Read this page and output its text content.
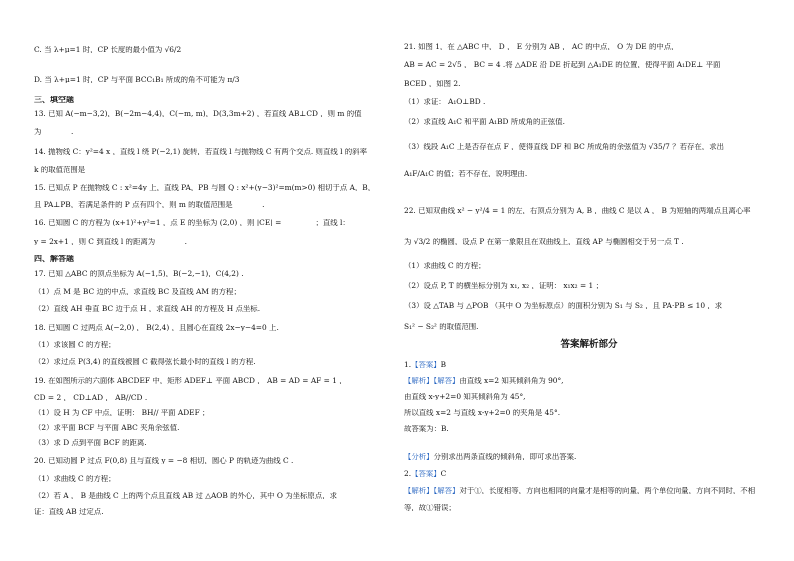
C. 当 λ+μ=1 时，CP 长度的最小值为 √6/2
D. 当 λ+μ=1 时，CP 与平面 BCC₁B₁ 所成的角不可能为 π/3
三、填空题
13. 已知 A(−m−3,2)，B(−2m−4,4)，C(−m, m)，D(3,3m+2) ，若直线 AB⊥CD ，则 m 的值
为________.
14. 抛物线 C：y²=4 x ，直线 l 绕 P(−2,1) 旋转，若直线 l 与抛物线 C 有两个交点. 则直线 l 的斜率
k 的取值范围是____________________
15. 已知点 P 在抛物线 C : x²=4y 上，直线 PA，PB 与圆 Q : x²+(y−3)²=m(m>0) 相切于点 A，B，
且 PA⊥PB，若满足条件的 P 点有四个，则 m 的取值范围是________.
16. 已知圆 C 的方程为 (x+1)²+y²=1 ，点 E 的坐标为 (2,0) ，则 |CE| = ________ ；直线 l：
y = 2x+1 ，则 C 到直线 l 的距离为________.
四、解答题
17. 已知 △ABC 的顶点坐标为 A(−1,5)，B(−2,−1)，C(4,2) .
（1）点 M 是 BC 边的中点，求直线 BC 及直线 AM 的方程；
（2）直线 AH 垂直 BC 边于点 H ，求直线 AH 的方程及 H 点坐标.
18. 已知圆 C 过两点 A(−2,0) ， B(2,4) ，且圆心在直线 2x−y−4=0 上.
（1）求该圆 C 的方程；
（2）求过点 P(3,4) 的直线被圆 C 截得弦长最小时的直线 l 的方程.
19. 在如图所示的六面体 ABCDEF 中，矩形 ADEF⊥ 平面 ABCD ， AB = AD = AF = 1 ，
CD = 2 ， CD⊥AD ， AB//CD .
（1）设 H 为 CF 中点，证明： BH// 平面 ADEF ；
（2）求平面 BCF 与平面 ABC 夹角余弦值.
（3）求 D 点到平面 BCF 的距离.
20. 已知动圆 P 过点 F(0,8) 且与直线 y = −8 相切，圆心 P 的轨迹为曲线 C .
（1）求曲线 C 的方程；
（2）若 A ， B 是曲线 C 上的两个点且直线 AB 过 △AOB 的外心，其中 O 为坐标原点，求
证：直线 AB 过定点.
答案解析部分
21. 如图 1，在 △ABC 中， D ， E 分别为 AB ， AC 的中点， O 为 DE 的中点，
AB = AC = 2√5 ， BC = 4 .将 △ADE 沿 DE 折起到 △A₁DE 的位置，使得平面 A₁DE⊥ 平面
BCED ，如图 2.
（1）求证： A₁O⊥BD .
（2）求直线 A₁C 和平面 A₁BD 所成角的正弦值.
（3）线段 A₁C 上是否存在点 F ，使得直线 DF 和 BC 所成角的余弦值为 √35/7 ？若存在，求出
A₁F/A₁C 的值；若不存在，说明理由.
22. 已知双曲线 x² − y²/4 = 1 的左，右顶点分别为 A, B ，曲线 C 是以 A ， B 为短轴的两端点且离心率
为 √3/2 的椭圆，设点 P 在第一象限且在双曲线上，直线 AP 与椭圆相交于另一点 T .
（1）求曲线 C 的方程；
（2）设点 P, T 的横坐标分别为 x₁, x₂ ，证明： x₁x₂ = 1 ；
（3）设 △TAB 与 △POB （其中 O 为坐标原点）的面积分别为 S₁ 与 S₂ ，且 PA·PB ≤ 10 ，求
S₁² − S₂² 的取值范围.
1.【答案】B
【解析】【解答】由直线 x=2 知其倾斜角为 90°,
由直线 x-y+2=0 知其倾斜角为 45°,
所以直线 x=2 与直线 x-y+2=0 的夹角是 45°.
故答案为：B.
【分析】分别求出两条直线的倾斜角，即可求出答案.
2.【答案】C
【解析】【解答】对于①，长度相等，方向也相同的向量才是相等的向量，两个单位向量，方向不同时，不相
等，故①错误；
